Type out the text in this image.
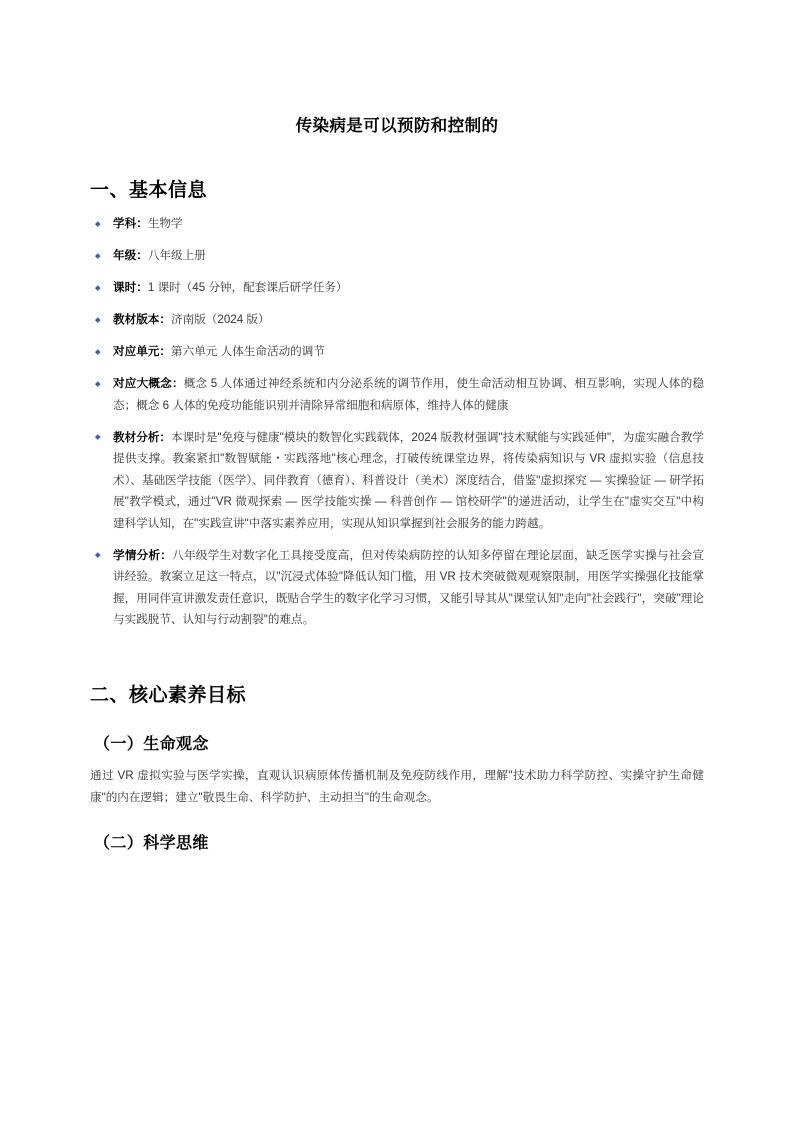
传染病是可以预防和控制的
一、基本信息
学科：生物学
年级：八年级上册
课时：1 课时（45 分钟，配套课后研学任务）
教材版本：济南版（2024 版）
对应单元：第六单元 人体生命活动的调节
对应大概念：概念 5 人体通过神经系统和内分泌系统的调节作用，使生命活动相互协调、相互影响，实现人体的稳态；概念 6 人体的免疫功能能识别并清除异常细胞和病原体，维持人体的健康
教材分析：本课时是"免疫与健康"模块的数智化实践载体，2024 版教材强调"技术赋能与实践延伸"，为虚实融合教学提供支撑。教案紧扣"数智赋能・实践落地"核心理念，打破传统课堂边界，将传染病知识与 VR 虚拟实验（信息技术）、基础医学技能（医学）、同伴教育（德育）、科普设计（美术）深度结合，借鉴"虚拟探究 — 实操验证 — 研学拓展"教学模式，通过"VR 微观探索 — 医学技能实操 — 科普创作 — 馆校研学"的递进活动，让学生在"虚实交互"中构建科学认知，在"实践宣讲"中落实素养应用，实现从知识掌握到社会服务的能力跨越。
学情分析：八年级学生对数字化工具接受度高，但对传染病防控的认知多停留在理论层面，缺乏医学实操与社会宣讲经验。教案立足这一特点，以"沉浸式体验"降低认知门槛，用 VR 技术突破微观观察限制，用医学实操强化技能掌握，用同伴宣讲激发责任意识，既贴合学生的数字化学习习惯，又能引导其从"课堂认知"走向"社会践行"，突破"理论与实践脱节、认知与行动割裂"的难点。
二、核心素养目标
（一）生命观念

通过 VR 虚拟实验与医学实操，直观认识病原体传播机制及免疫防线作用，理解"技术助力科学防控、实操守护生命健康"的内在逻辑；建立"敬畏生命、科学防护、主动担当"的生命观念。

（二）科学思维
